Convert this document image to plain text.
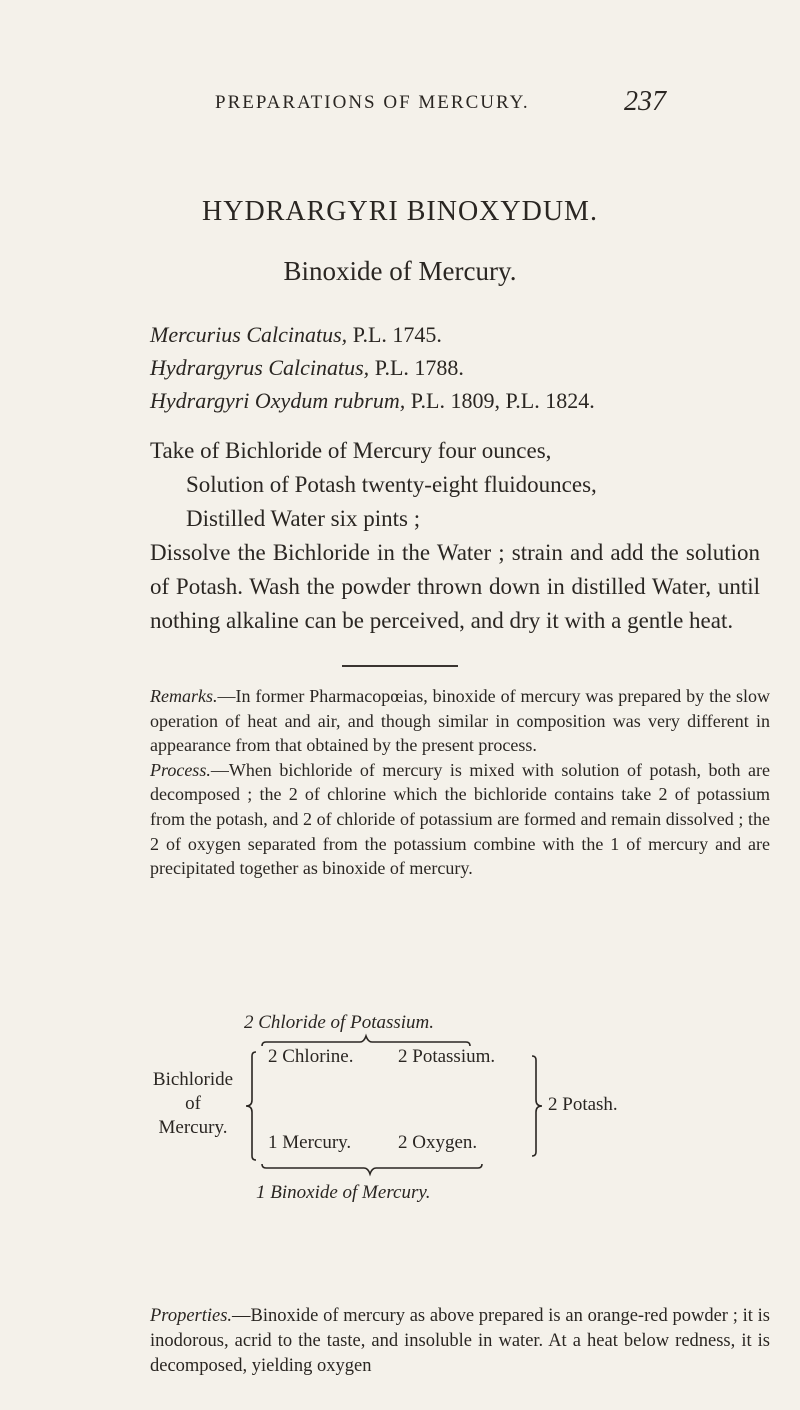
PREPARATIONS OF MERCURY.	237
HYDRARGYRI BINOXYDUM.
Binoxide of Mercury.
Mercurius Calcinatus, P.L. 1745.
Hydrargyrus Calcinatus, P.L. 1788.
Hydrargyri Oxydum rubrum, P.L. 1809, P.L. 1824.
Take of Bichloride of Mercury four ounces,
Solution of Potash twenty-eight fluidounces,
Distilled Water six pints ;
Dissolve the Bichloride in the Water ; strain and add the solution of Potash. Wash the powder thrown down in distilled Water, until nothing alkaline can be perceived, and dry it with a gentle heat.

Remarks.—In former Pharmacopœias, binoxide of mercury was prepared by the slow operation of heat and air, and though similar in composition was very different in appearance from that obtained by the present process.

Process.—When bichloride of mercury is mixed with solution of potash, both are decomposed ; the 2 of chlorine which the bichloride contains take 2 of potassium from the potash, and 2 of chloride of potassium are formed and remain dissolved ; the 2 of oxygen separated from the potassium combine with the 1 of mercury and are precipitated together as binoxide of mercury.

2 Chloride of Potassium.
2 Chlorine. 2 Potassium.
1 Mercury. 2 Oxygen.
Bichloride
of
Mercury.
2 Potash.
1 Binoxide of Mercury.

Properties.—Binoxide of mercury as above prepared is an orange-red powder ; it is inodorous, acrid to the taste, and insoluble in water. At a heat below redness, it is decomposed, yielding oxygen
